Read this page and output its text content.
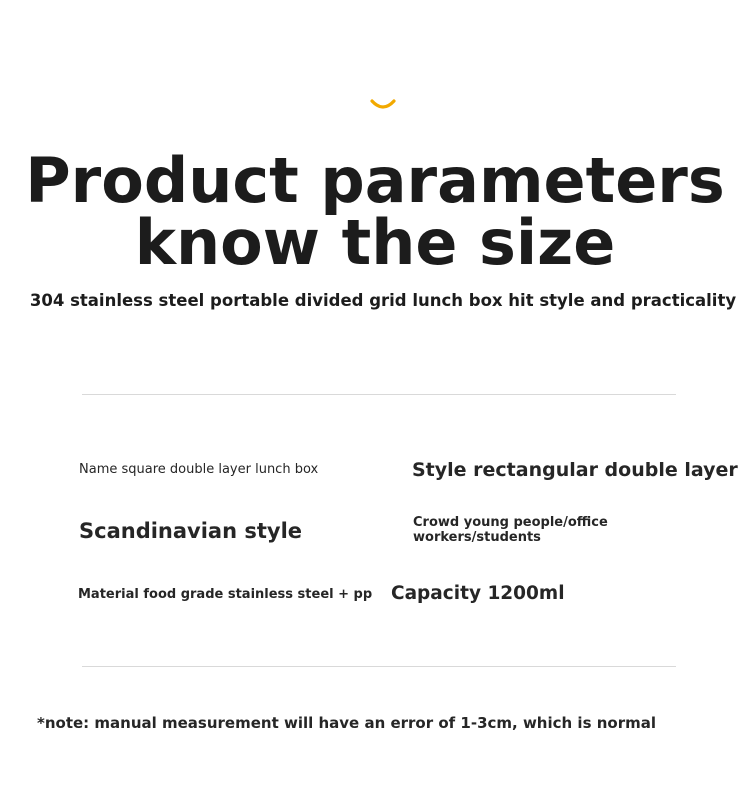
Product parameters
know the size
304 stainless steel portable divided grid lunch box hit style and practicality
Name square double layer lunch box	Style rectangular double layer
Scandinavian style	Crowd young people/office workers/students
Material food grade stainless steel + pp Capacity 1200ml
*note: manual measurement will have an error of 1-3cm, which is normal
